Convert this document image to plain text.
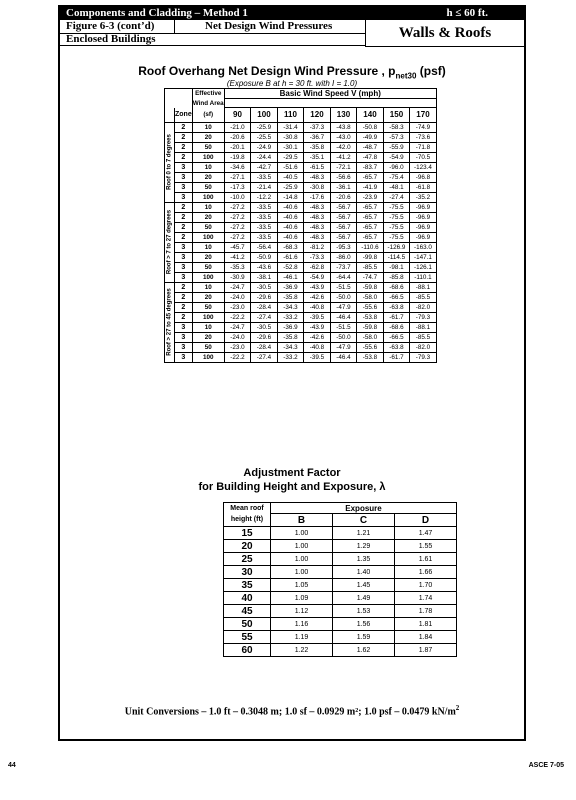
Components and Cladding – Method 1
Figure 6-3 (cont’d)	Net Design Wind Pressures
Enclosed Buildings
h ≤ 60 ft.
Walls & Roofs
Roof Overhang Net Design Wind Pressure , $p_{net30}$ (psf)
(Exposure B at h = 30 ft. with I = 1.0)
		Effective	Basic Wind Speed V (mph)							
		Wind Area								
	Zone	(sf)	90	100	110	120	130	140	150	170

Roof 0 to 7 degrees	2	10	-21.0	-25.9	-31.4	-37.3	-43.8	-50.8	-58.3	-74.9
	2	20	-20.6	-25.5	-30.8	-36.7	-43.0	-49.9	-57.3	-73.6
	2	50	-20.1	-24.9	-30.1	-35.8	-42.0	-48.7	-55.9	-71.8
	2	100	-19.8	-24.4	-29.5	-35.1	-41.2	-47.8	-54.9	-70.5
	3	10	-34.6	-42.7	-51.6	-61.5	-72.1	-83.7	-96.0	-123.4
	3	20	-27.1	-33.5	-40.5	-48.3	-56.6	-65.7	-75.4	-96.8
	3	50	-17.3	-21.4	-25.9	-30.8	-36.1	-41.9	-48.1	-61.8
	3	100	-10.0	-12.2	-14.8	-17.6	-20.6	-23.9	-27.4	-35.2

Roof > 7 to 27 degrees	2	10	-27.2	-33.5	-40.6	-48.3	-56.7	-65.7	-75.5	-96.9
	2	20	-27.2	-33.5	-40.6	-48.3	-56.7	-65.7	-75.5	-96.9
	2	50	-27.2	-33.5	-40.6	-48.3	-56.7	-65.7	-75.5	-96.9
	2	100	-27.2	-33.5	-40.6	-48.3	-56.7	-65.7	-75.5	-96.9
	3	10	-45.7	-56.4	-68.3	-81.2	-95.3	-110.6	-126.9	-163.0
	3	20	-41.2	-50.9	-61.6	-73.3	-86.0	-99.8	-114.5	-147.1
	3	50	-35.3	-43.6	-52.8	-62.8	-73.7	-85.5	-98.1	-126.1
	3	100	-30.9	-38.1	-46.1	-54.9	-64.4	-74.7	-85.8	-110.1

Roof > 27 to 45 degrees	2	10	-24.7	-30.5	-36.9	-43.9	-51.5	-59.8	-68.6	-88.1
	2	20	-24.0	-29.6	-35.8	-42.6	-50.0	-58.0	-66.5	-85.5
	2	50	-23.0	-28.4	-34.3	-40.8	-47.9	-55.6	-63.8	-82.0
	2	100	-22.2	-27.4	-33.2	-39.5	-46.4	-53.8	-61.7	-79.3
	3	10	-24.7	-30.5	-36.9	-43.9	-51.5	-59.8	-68.6	-88.1
	3	20	-24.0	-29.6	-35.8	-42.6	-50.0	-58.0	-66.5	-85.5
	3	50	-23.0	-28.4	-34.3	-40.8	-47.9	-55.6	-63.8	-82.0
	3	100	-22.2	-27.4	-33.2	-39.5	-46.4	-53.8	-61.7	-79.3
Adjustment Factor
for Building Height and Exposure, λ
Mean roof	Exposure		
height (ft)	B	C	D
15	1.00	1.21	1.47
20	1.00	1.29	1.55
25	1.00	1.35	1.61
30	1.00	1.40	1.66
35	1.05	1.45	1.70
40	1.09	1.49	1.74
45	1.12	1.53	1.78
50	1.16	1.56	1.81
55	1.19	1.59	1.84
60	1.22	1.62	1.87
Unit Conversions – 1.0 ft – 0.3048 m; 1.0 sf – 0.0929 m²; 1.0 psf – 0.0479 $kN/m^2$
44	ASCE 7-05
